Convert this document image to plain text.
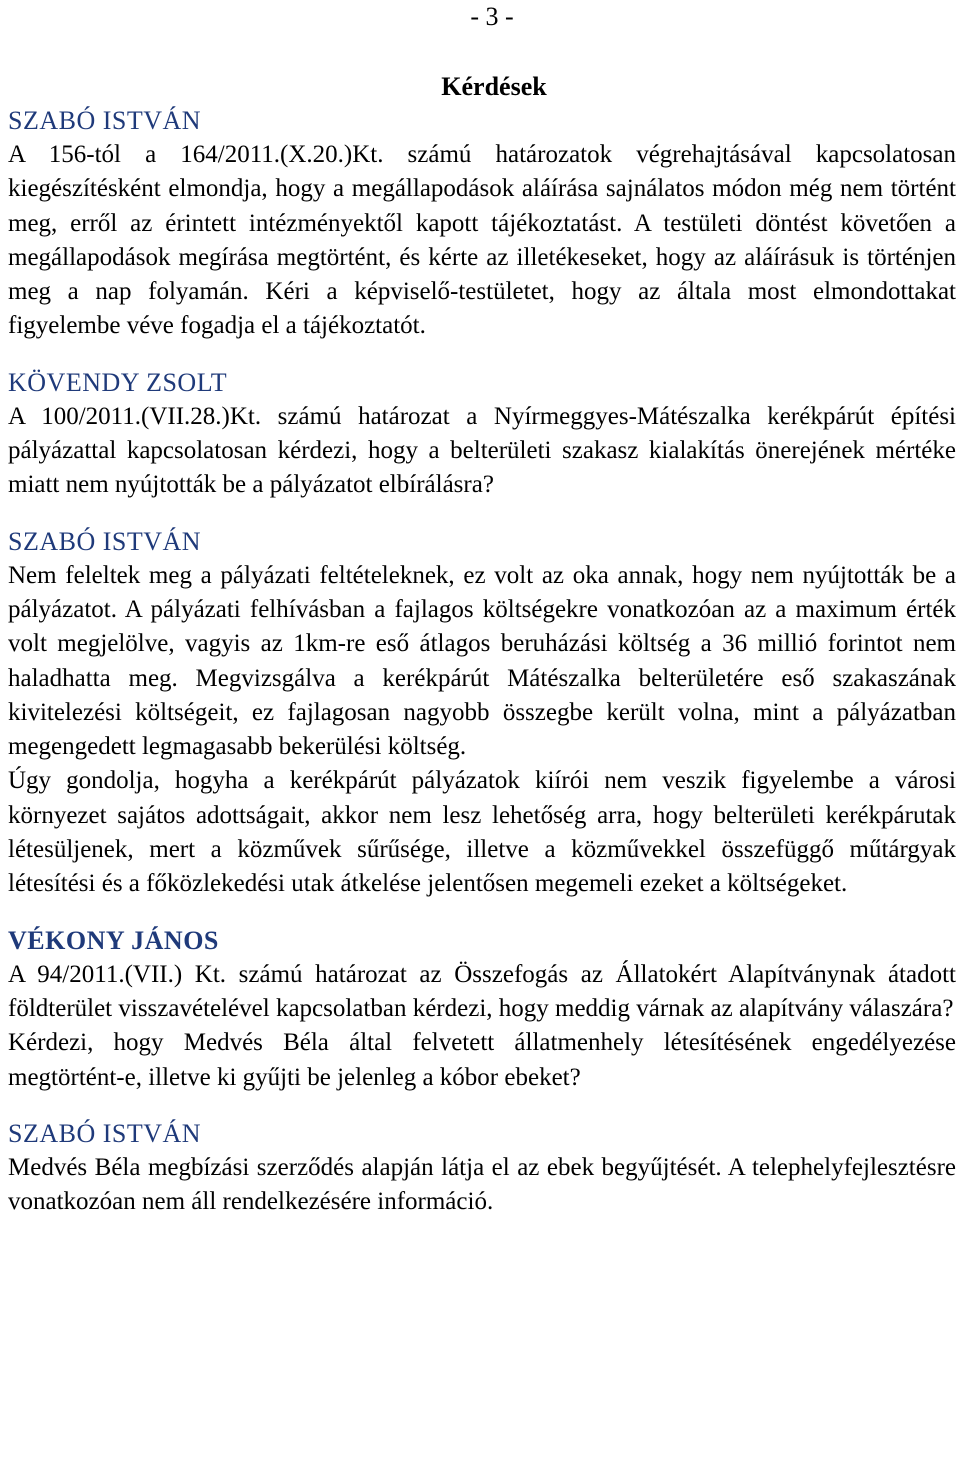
- 3 -
Kérdések
SZABÓ ISTVÁN

A 156-tól a 164/2011.(X.20.)Kt. számú határozatok végrehajtásával kapcsolatosan kiegészítésként elmondja, hogy a megállapodások aláírása sajnálatos módon még nem történt meg, erről az érintett intézményektől kapott tájékoztatást. A testületi döntést követően a megállapodások megírása megtörtént, és kérte az illetékeseket, hogy az aláírásuk is történjen meg a nap folyamán. Kéri a képviselő-testületet, hogy az általa most elmondottakat figyelembe véve fogadja el a tájékoztatót.

KÖVENDY ZSOLT

A 100/2011.(VII.28.)Kt. számú határozat a Nyírmeggyes-Mátészalka kerékpárút építési pályázattal kapcsolatosan kérdezi, hogy a belterületi szakasz kialakítás önerejének mértéke miatt nem nyújtották be a pályázatot elbírálásra?

SZABÓ ISTVÁN

Nem feleltek meg a pályázati feltételeknek, ez volt az oka annak, hogy nem nyújtották be a pályázatot. A pályázati felhívásban a fajlagos költségekre vonatkozóan az a maximum érték volt megjelölve, vagyis az 1km-re eső átlagos beruházási költség a 36 millió forintot nem haladhatta meg. Megvizsgálva a kerékpárút Mátészalka belterületére eső szakaszának kivitelezési költségeit, ez fajlagosan nagyobb összegbe került volna, mint a pályázatban megengedett legmagasabb bekerülési költség.

Úgy gondolja, hogyha a kerékpárút pályázatok kiírói nem veszik figyelembe a városi környezet sajátos adottságait, akkor nem lesz lehetőség arra, hogy belterületi kerékpárutak létesüljenek, mert a közművek sűrűsége, illetve a közművekkel összefüggő műtárgyak létesítési és a főközlekedési utak átkelése jelentősen megemeli ezeket a költségeket.

VÉKONY JÁNOS

A 94/2011.(VII.) Kt. számú határozat az Összefogás az Állatokért Alapítványnak átadott földterület visszavételével kapcsolatban kérdezi, hogy meddig várnak az alapítvány válaszára?

Kérdezi, hogy Medvés Béla által felvetett állatmenhely létesítésének engedélyezése megtörtént-e, illetve ki gyűjti be jelenleg a kóbor ebeket?

SZABÓ ISTVÁN

Medvés Béla megbízási szerződés alapján látja el az ebek begyűjtését. A telephelyfejlesztésre vonatkozóan nem áll rendelkezésére információ.
